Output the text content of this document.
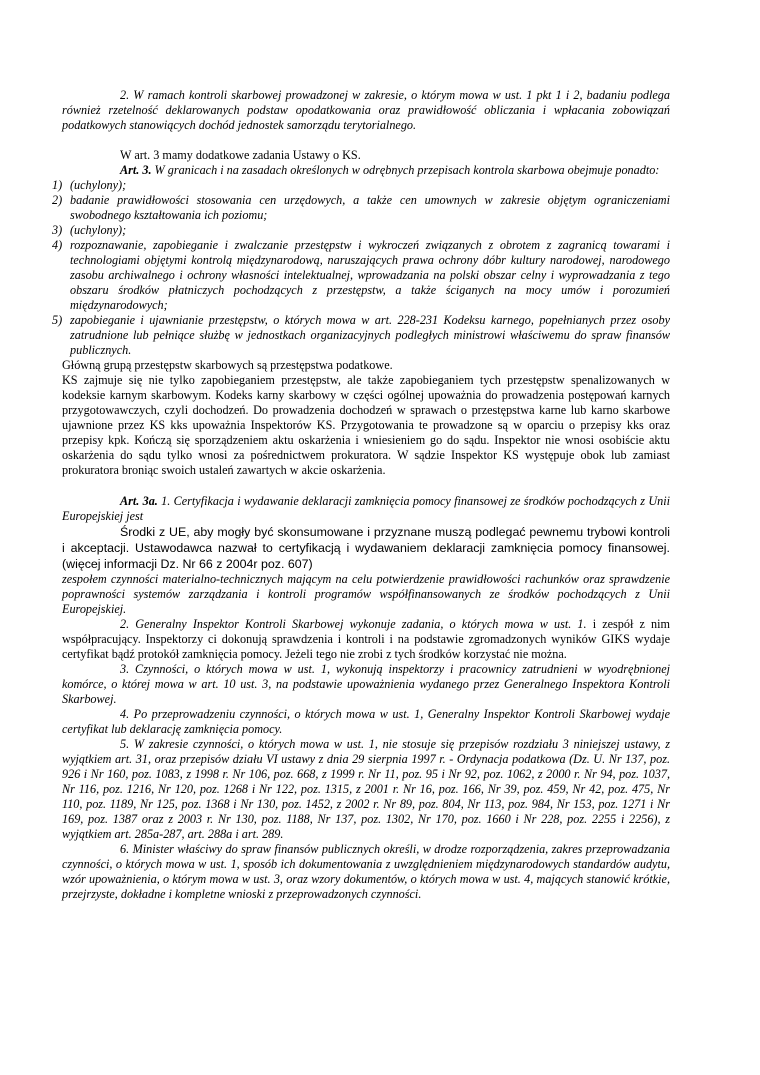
2. W ramach kontroli skarbowej prowadzonej w zakresie, o którym mowa w ust. 1 pkt 1 i 2, badaniu podlega również rzetelność deklarowanych podstaw opodatkowania oraz prawidłowość obliczania i wpłacania zobowiązań podatkowych stanowiących dochód jednostek samorządu terytorialnego.

W art. 3 mamy dodatkowe zadania Ustawy o KS.

Art. 3. W granicach i na zasadach określonych w odrębnych przepisach kontrola skarbowa obejmuje ponadto:

1) (uchylony);
2) badanie prawidłowości stosowania cen urzędowych, a także cen umownych w zakresie objętym ograniczeniami swobodnego kształtowania ich poziomu;
3) (uchylony);
4) rozpoznawanie, zapobieganie i zwalczanie przestępstw i wykroczeń związanych z obrotem z zagranicą towarami i technologiami objętymi kontrolą międzynarodową, naruszających prawa ochrony dóbr kultury narodowej, narodowego zasobu archiwalnego i ochrony własności intelektualnej, wprowadzania na polski obszar celny i wyprowadzania z tego obszaru środków płatniczych pochodzących z przestępstw, a także ściganych na mocy umów i porozumień międzynarodowych;
5) zapobieganie i ujawnianie przestępstw, o których mowa w art. 228-231 Kodeksu karnego, popełnianych przez osoby zatrudnione lub pełniące służbę w jednostkach organizacyjnych podległych ministrowi właściwemu do spraw finansów publicznych.

Główną grupą przestępstw skarbowych są przestępstwa podatkowe.

KS zajmuje się nie tylko zapobieganiem przestępstw, ale także zapobieganiem tych przestępstw spenalizowanych w kodeksie karnym skarbowym. Kodeks karny skarbowy w części ogólnej upoważnia do prowadzenia postępowań karnych przygotowawczych, czyli dochodzeń. Do prowadzenia dochodzeń w sprawach o przestępstwa karne lub karno skarbowe ujawnione przez KS kks upoważnia Inspektorów KS. Przygotowania te prowadzone są w oparciu o przepisy kks oraz przepisy kpk. Kończą się sporządzeniem aktu oskarżenia i wniesieniem go do sądu. Inspektor nie wnosi osobiście aktu oskarżenia do sądu tylko wnosi za pośrednictwem prokuratora. W sądzie Inspektor KS występuje obok lub zamiast prokuratora broniąc swoich ustaleń zawartych w akcie oskarżenia.

Art. 3a. 1. Certyfikacja i wydawanie deklaracji zamknięcia pomocy finansowej ze środków pochodzących z Unii Europejskiej jest

Środki z UE, aby mogły być skonsumowane i przyznane muszą podlegać pewnemu trybowi kontroli i akceptacji. Ustawodawca nazwał to certyfikacją i wydawaniem deklaracji zamknięcia pomocy finansowej.(więcej informacji Dz. Nr 66 z 2004r poz. 607)

zespołem czynności materialno-technicznych mającym na celu potwierdzenie prawidłowości rachunków oraz sprawdzenie poprawności systemów zarządzania i kontroli programów współfinansowanych ze środków pochodzących z Unii Europejskiej.

2. Generalny Inspektor Kontroli Skarbowej wykonuje zadania, o których mowa w ust. 1. i zespół z nim współpracujący. Inspektorzy ci dokonują sprawdzenia i kontroli i na podstawie zgromadzonych wyników GIKS wydaje certyfikat bądź protokół zamknięcia pomocy. Jeżeli tego nie zrobi z tych środków korzystać nie można.

3. Czynności, o których mowa w ust. 1, wykonują inspektorzy i pracownicy zatrudnieni w wyodrębnionej komórce, o której mowa w art. 10 ust. 3, na podstawie upoważnienia wydanego przez Generalnego Inspektora Kontroli Skarbowej.

4. Po przeprowadzeniu czynności, o których mowa w ust. 1, Generalny Inspektor Kontroli Skarbowej wydaje certyfikat lub deklarację zamknięcia pomocy.

5. W zakresie czynności, o których mowa w ust. 1, nie stosuje się przepisów rozdziału 3 niniejszej ustawy, z wyjątkiem art. 31, oraz przepisów działu VI ustawy z dnia 29 sierpnia 1997 r. - Ordynacja podatkowa (Dz. U. Nr 137, poz. 926 i Nr 160, poz. 1083, z 1998 r. Nr 106, poz. 668, z 1999 r. Nr 11, poz. 95 i Nr 92, poz. 1062, z 2000 r. Nr 94, poz. 1037, Nr 116, poz. 1216, Nr 120, poz. 1268 i Nr 122, poz. 1315, z 2001 r. Nr 16, poz. 166, Nr 39, poz. 459, Nr 42, poz. 475, Nr 110, poz. 1189, Nr 125, poz. 1368 i Nr 130, poz. 1452, z 2002 r. Nr 89, poz. 804, Nr 113, poz. 984, Nr 153, poz. 1271 i Nr 169, poz. 1387 oraz z 2003 r. Nr 130, poz. 1188, Nr 137, poz. 1302, Nr 170, poz. 1660 i Nr 228, poz. 2255 i 2256), z wyjątkiem art. 285a-287, art. 288a i art. 289.

6. Minister właściwy do spraw finansów publicznych określi, w drodze rozporządzenia, zakres przeprowadzania czynności, o których mowa w ust. 1, sposób ich dokumentowania z uwzględnieniem międzynarodowych standardów audytu, wzór upoważnienia, o którym mowa w ust. 3, oraz wzory dokumentów, o których mowa w ust. 4, mających stanowić krótkie, przejrzyste, dokładne i kompletne wnioski z przeprowadzonych czynności.
